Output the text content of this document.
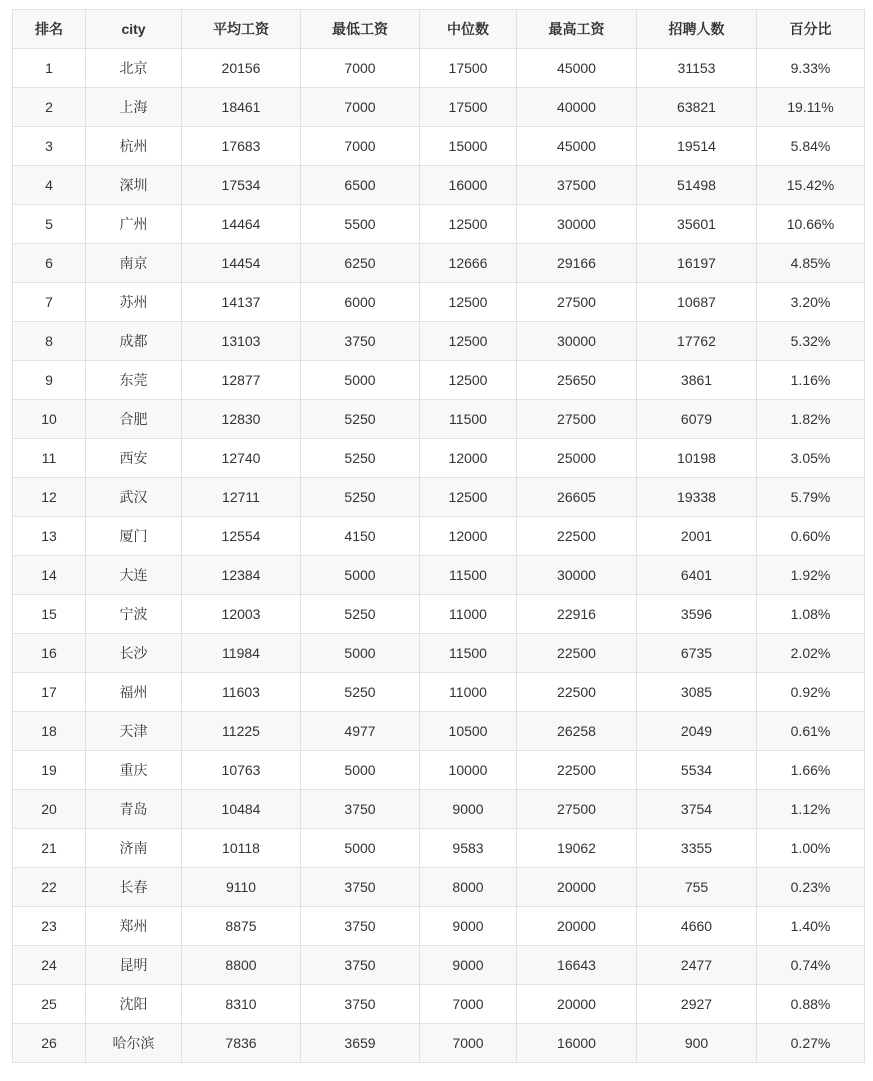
排名	city	平均工资	最低工资	中位数	最高工资	招聘人数	百分比
1	北京	20156	7000	17500	45000	31153	9.33%
2	上海	18461	7000	17500	40000	63821	19.11%
3	杭州	17683	7000	15000	45000	19514	5.84%
4	深圳	17534	6500	16000	37500	51498	15.42%
5	广州	14464	5500	12500	30000	35601	10.66%
6	南京	14454	6250	12666	29166	16197	4.85%
7	苏州	14137	6000	12500	27500	10687	3.20%
8	成都	13103	3750	12500	30000	17762	5.32%
9	东莞	12877	5000	12500	25650	3861	1.16%
10	合肥	12830	5250	11500	27500	6079	1.82%
11	西安	12740	5250	12000	25000	10198	3.05%
12	武汉	12711	5250	12500	26605	19338	5.79%
13	厦门	12554	4150	12000	22500	2001	0.60%
14	大连	12384	5000	11500	30000	6401	1.92%
15	宁波	12003	5250	11000	22916	3596	1.08%
16	长沙	11984	5000	11500	22500	6735	2.02%
17	福州	11603	5250	11000	22500	3085	0.92%
18	天津	11225	4977	10500	26258	2049	0.61%
19	重庆	10763	5000	10000	22500	5534	1.66%
20	青岛	10484	3750	9000	27500	3754	1.12%
21	济南	10118	5000	9583	19062	3355	1.00%
22	长春	9110	3750	8000	20000	755	0.23%
23	郑州	8875	3750	9000	20000	4660	1.40%
24	昆明	8800	3750	9000	16643	2477	0.74%
25	沈阳	8310	3750	7000	20000	2927	0.88%
26	哈尔滨	7836	3659	7000	16000	900	0.27%
